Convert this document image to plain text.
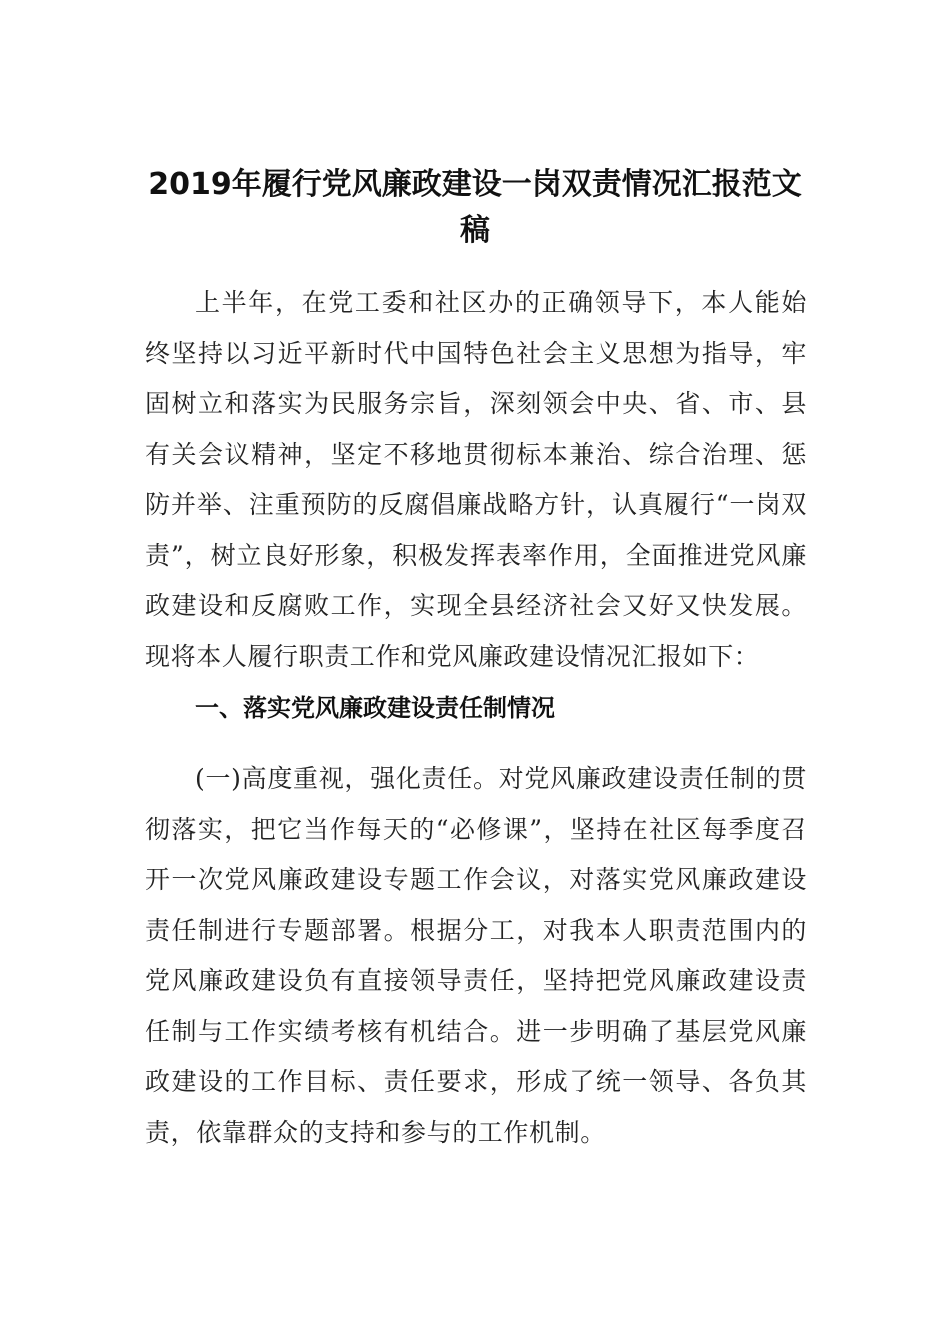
2019年履行党风廉政建设一岗双责情况汇报范文稿

上半年，在党工委和社区办的正确领导下，本人能始终坚持以习近平新时代中国特色社会主义思想为指导，牢固树立和落实为民服务宗旨，深刻领会中央、省、市、县有关会议精神，坚定不移地贯彻标本兼治、综合治理、惩防并举、注重预防的反腐倡廉战略方针，认真履行“一岗双责”，树立良好形象，积极发挥表率作用，全面推进党风廉政建设和反腐败工作，实现全县经济社会又好又快发展。现将本人履行职责工作和党风廉政建设情况汇报如下：

一、落实党风廉政建设责任制情况

(一)高度重视，强化责任。对党风廉政建设责任制的贯彻落实，把它当作每天的“必修课”，坚持在社区每季度召开一次党风廉政建设专题工作会议，对落实党风廉政建设责任制进行专题部署。根据分工，对我本人职责范围内的党风廉政建设负有直接领导责任，坚持把党风廉政建设责任制与工作实绩考核有机结合。进一步明确了基层党风廉政建设的工作目标、责任要求，形成了统一领导、各负其责，依靠群众的支持和参与的工作机制。
